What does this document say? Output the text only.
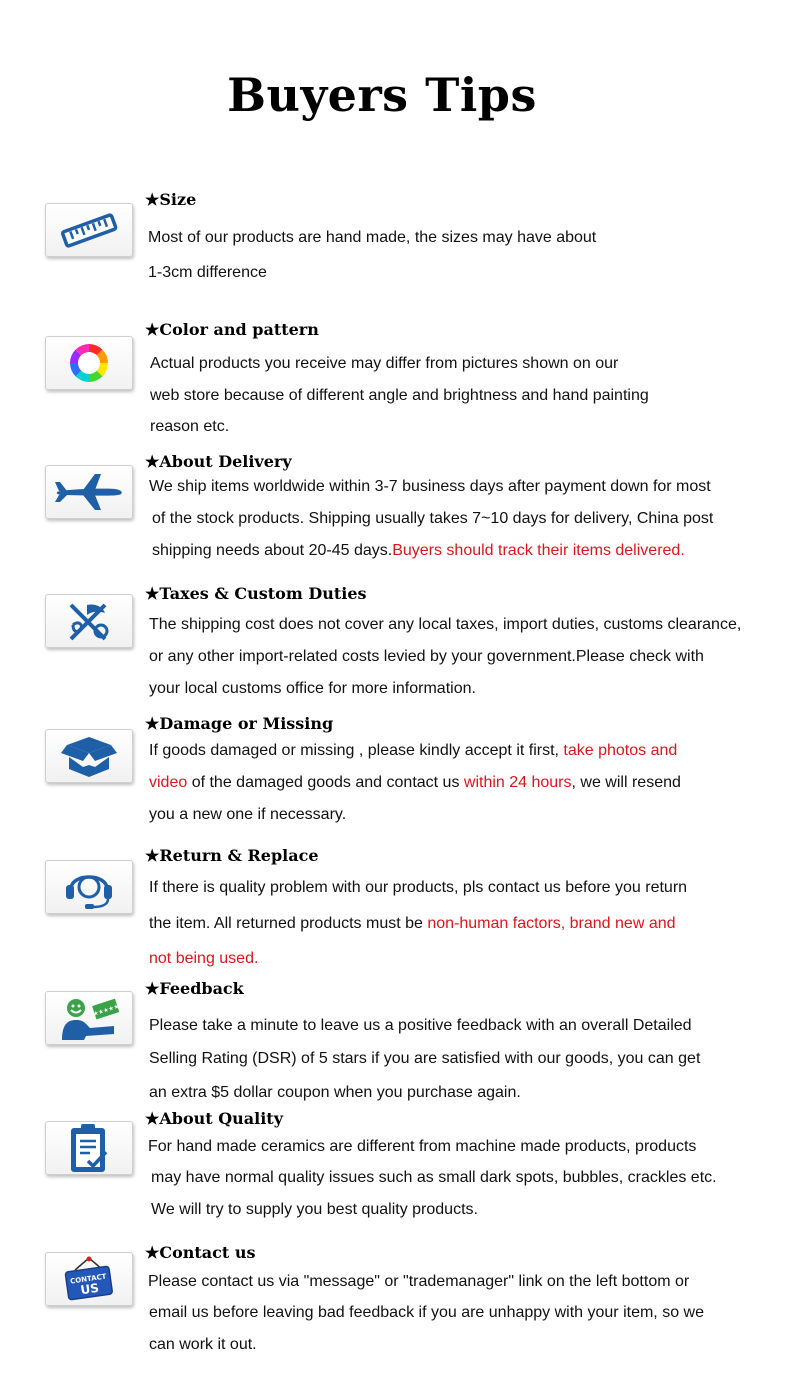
Buyers Tips
★Size
Most of our products are hand made, the sizes may have about
1-3cm difference
★Color and pattern
Actual products you receive may differ from pictures shown on our
web store because of different angle and brightness and hand painting
reason etc.
★About Delivery
We ship items worldwide within 3-7 business days after payment down for most
of the stock products. Shipping usually takes 7~10 days for delivery, China post
shipping needs about 20-45 days.Buyers should track their items delivered.
★Taxes & Custom Duties
The shipping cost does not cover any local taxes, import duties, customs clearance,
or any other import-related costs levied by your government.Please check with
your local customs office for more information.
★Damage or Missing
If goods damaged or missing , please kindly accept it first, take photos and
video of the damaged goods and contact us within 24 hours, we will resend
you a new one if necessary.
★Return & Replace
If there is quality problem with our products, pls contact us before you return
the item. All returned products must be non-human factors, brand new and
not being used.
★★★★★
★Feedback
Please take a minute to leave us a positive feedback with an overall Detailed
Selling Rating (DSR) of 5 stars if you are satisfied with our goods, you can get
an extra $5 dollar coupon when you purchase again.
★About Quality
For hand made ceramics are different from machine made products, products
may have normal quality issues such as small dark spots, bubbles, crackles etc.
We will try to supply you best quality products.
CONTACT
US
★Contact us
Please contact us via "message" or "trademanager" link on the left bottom or
email us before leaving bad feedback if you are unhappy with your item, so we
can work it out.
